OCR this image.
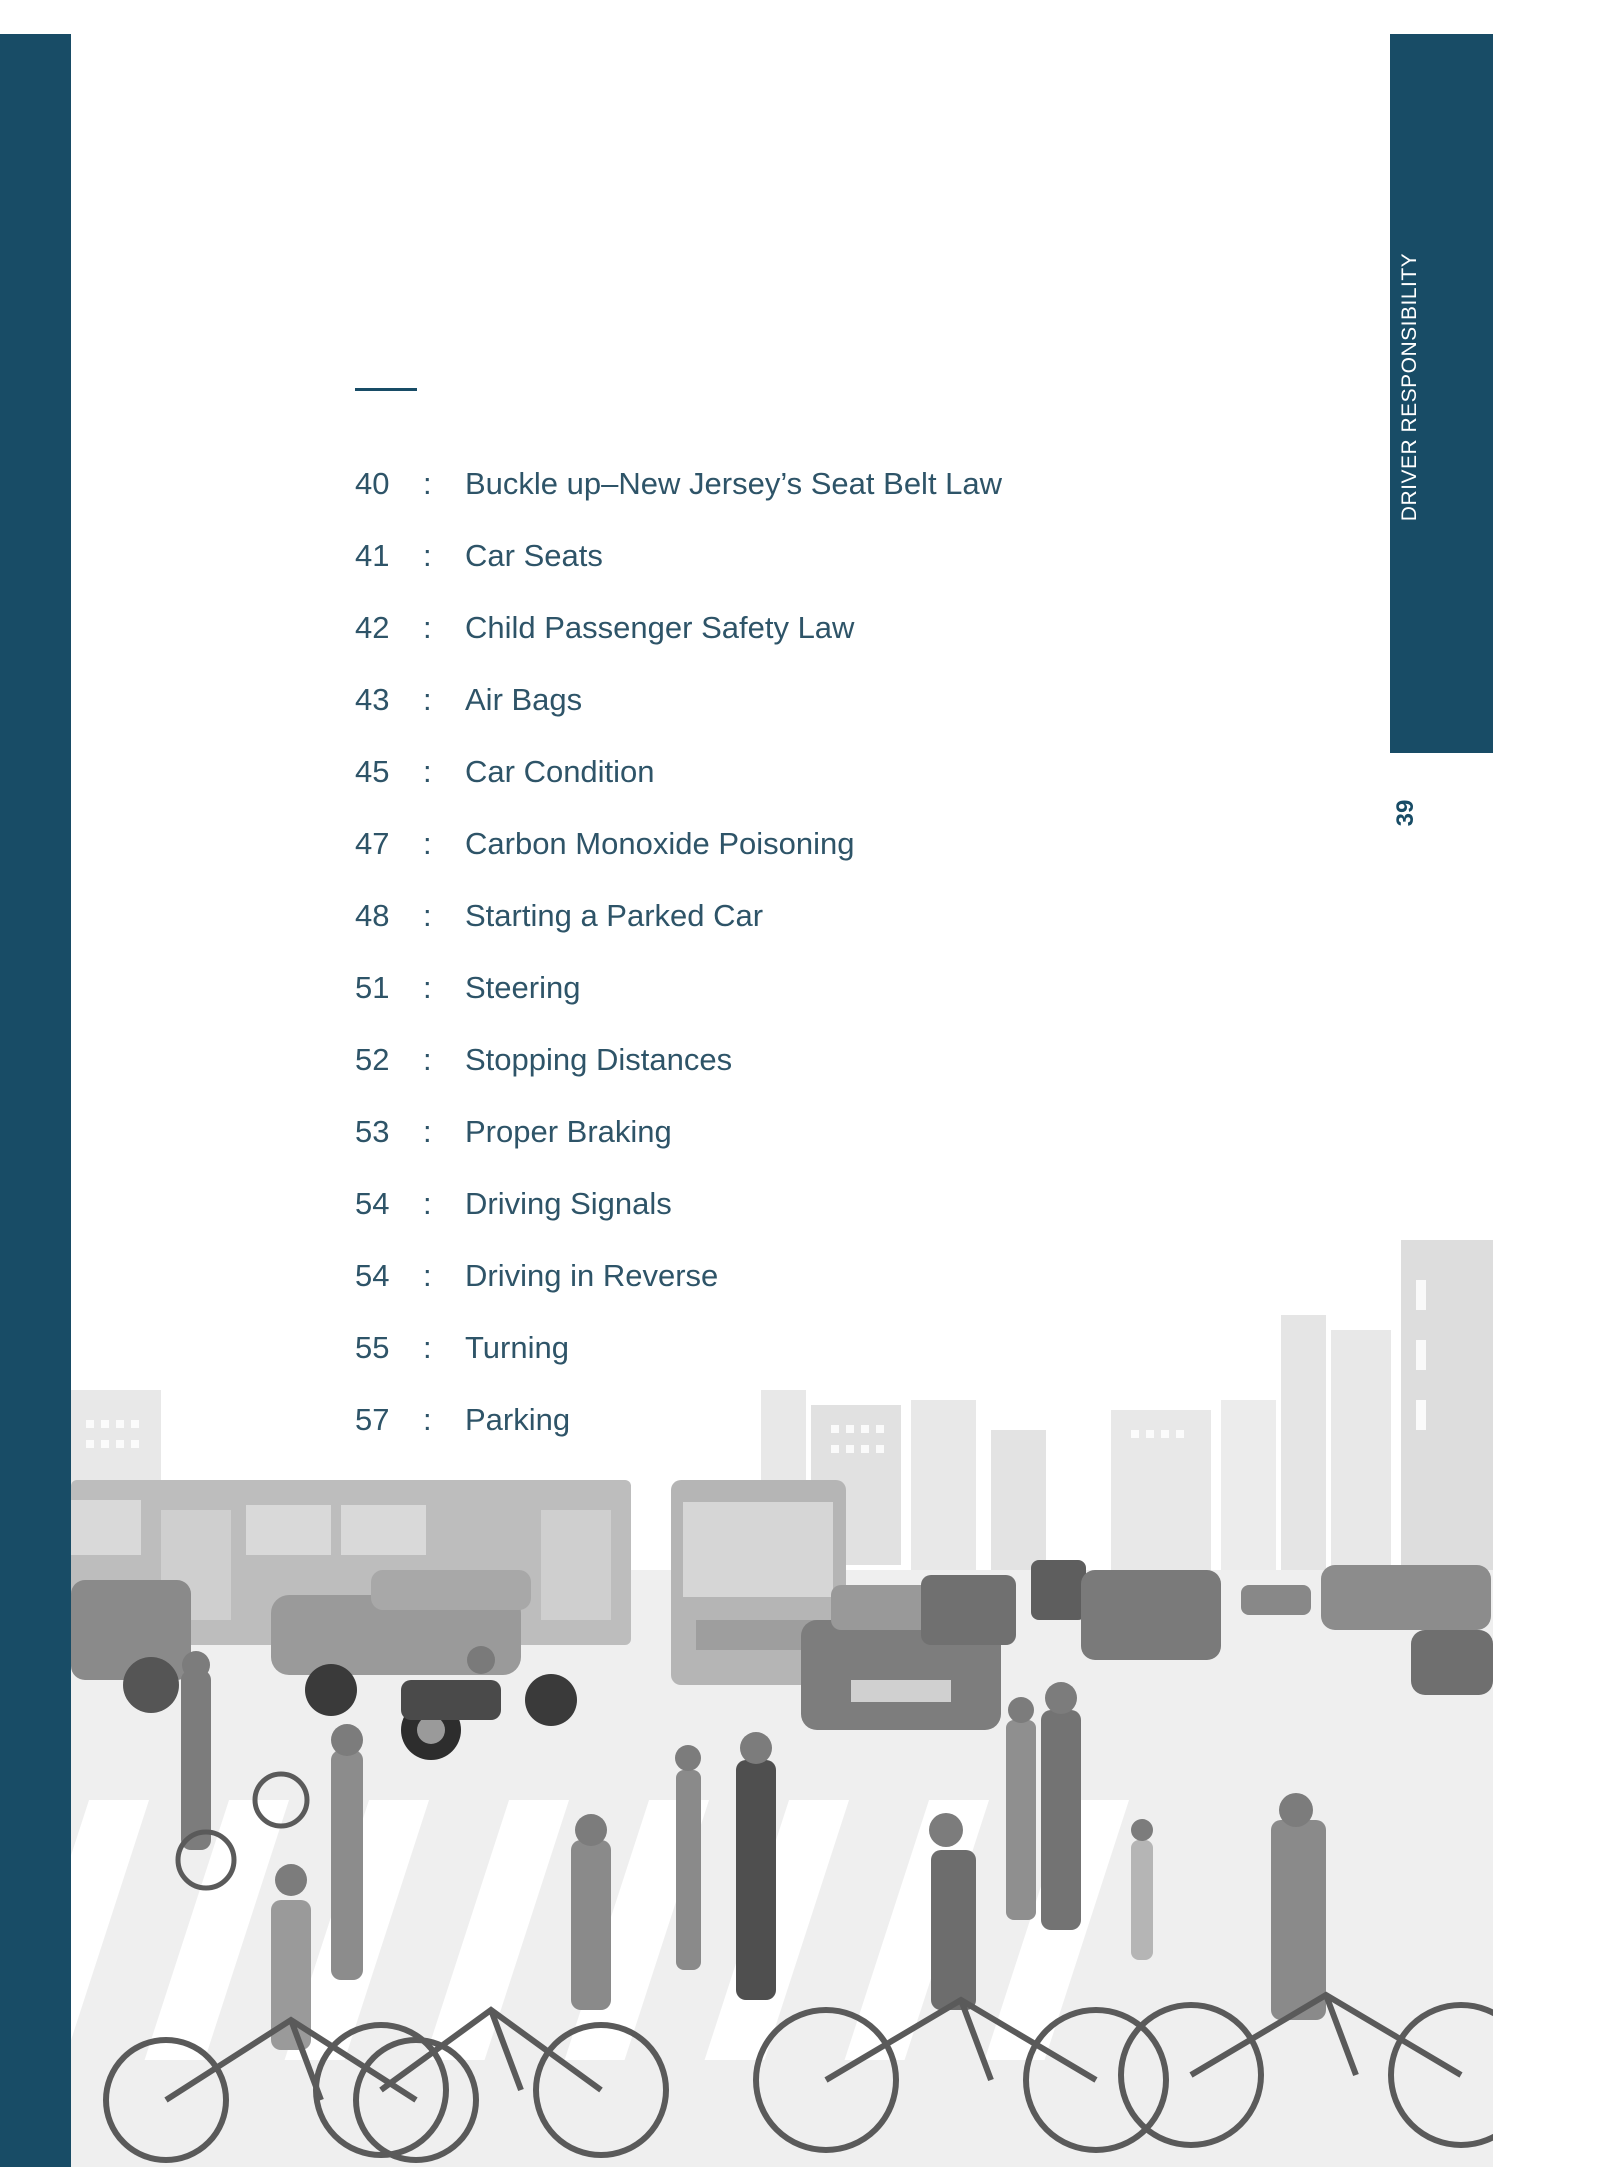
DRIVER RESPONSIBILITY
39
40	:	Buckle up–New Jersey’s Seat Belt Law
41	:	Car Seats
42	:	Child Passenger Safety Law
43	:	Air Bags
45	:	Car Condition
47	:	Carbon Monoxide Poisoning
48	:	Starting a Parked Car
51	:	Steering
52	:	Stopping Distances
53	:	Proper Braking
54	:	Driving Signals
54	:	Driving in Reverse
55	:	Turning
57	:	Parking
